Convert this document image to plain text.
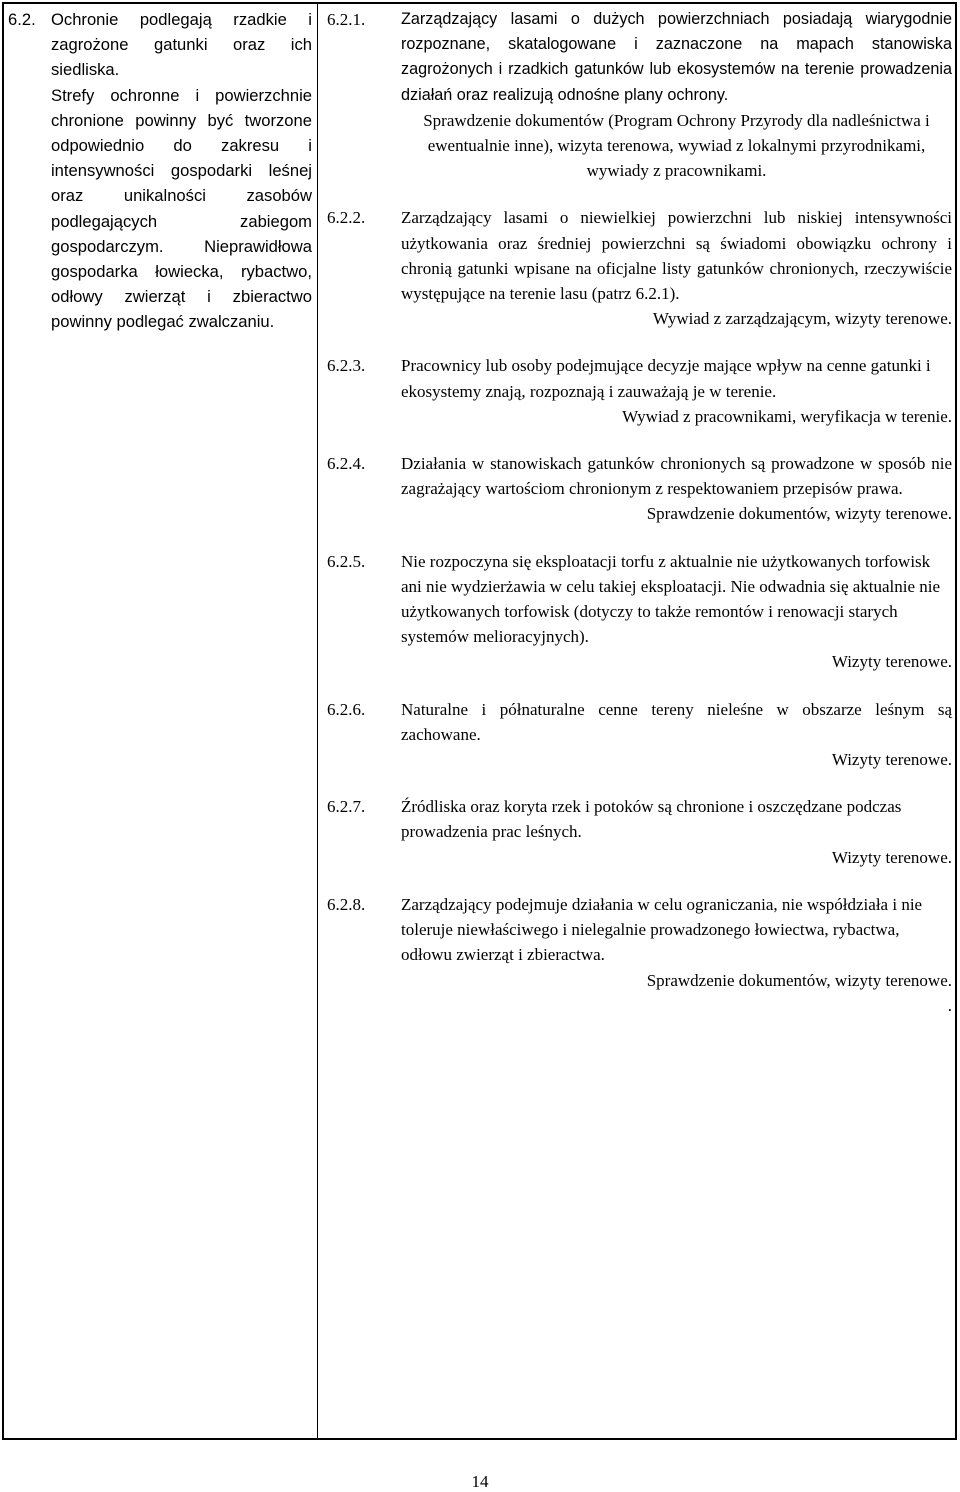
6.2. Ochronie podlegają rzadkie i zagrożone gatunki oraz ich siedliska.
Strefy ochronne i powierzchnie chronione powinny być tworzone odpowiednio do zakresu i intensywności gospodarki leśnej oraz unikalności zasobów podlegających zabiegom gospodarczym. Nieprawidłowa gospodarka łowiecka, rybactwo, odłowy zwierząt i zbieractwo powinny podlegać zwalczaniu.
6.2.1.	Zarządzający lasami o dużych powierzchniach posiadają wiarygodnie rozpoznane, skatalogowane i zaznaczone na mapach stanowiska zagrożonych i rzadkich gatunków lub ekosystemów na terenie prowadzenia działań oraz realizują odnośne plany ochrony.
Sprawdzenie dokumentów (Program Ochrony Przyrody dla nadleśnictwa i ewentualnie inne), wizyta terenowa, wywiad z lokalnymi przyrodnikami, wywiady z pracownikami.
6.2.2.	Zarządzający lasami o niewielkiej powierzchni lub niskiej intensywności użytkowania oraz średniej powierzchni są świadomi obowiązku ochrony i chronią gatunki wpisane na oficjalne listy gatunków chronionych, rzeczywiście występujące na terenie lasu (patrz 6.2.1).
Wywiad z zarządzającym, wizyty terenowe.
6.2.3.	Pracownicy lub osoby podejmujące decyzje mające wpływ na cenne gatunki i ekosystemy znają, rozpoznają i zauważają je w terenie.
Wywiad z pracownikami, weryfikacja w terenie.
6.2.4.	Działania w stanowiskach gatunków chronionych są prowadzone w sposób nie zagrażający wartościom chronionym z respektowaniem przepisów prawa.
Sprawdzenie dokumentów, wizyty terenowe.
6.2.5.	Nie rozpoczyna się eksploatacji torfu z aktualnie nie użytkowanych torfowisk ani nie wydzierżawia w celu takiej eksploatacji. Nie odwadnia się aktualnie nie użytkowanych torfowisk (dotyczy to także remontów i renowacji starych systemów melioracyjnych).
Wizyty terenowe.
6.2.6.	Naturalne i półnaturalne cenne tereny nieleśne w obszarze leśnym są zachowane.
Wizyty terenowe.
6.2.7.	Źródliska oraz koryta rzek i potoków są chronione i oszczędzane podczas prowadzenia prac leśnych.
Wizyty terenowe.
6.2.8.	Zarządzający podejmuje działania w celu ograniczania, nie współdziała i nie toleruje niewłaściwego i nielegalnie prowadzonego łowiectwa, rybactwa, odłowu zwierząt i zbieractwa.
Sprawdzenie dokumentów, wizyty terenowe.
.
14
